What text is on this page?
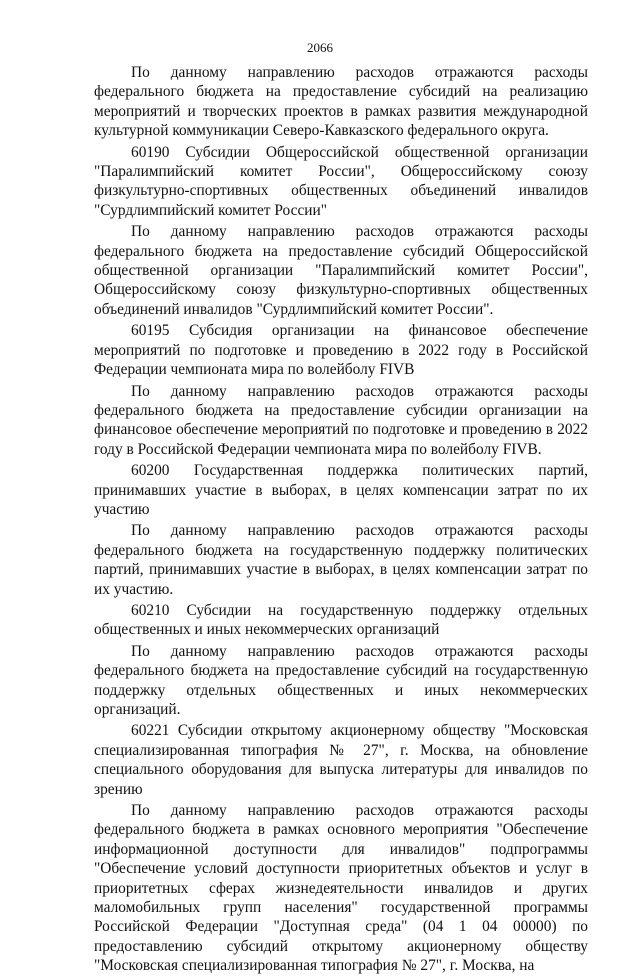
2066

По данному направлению расходов отражаются расходы федерального бюджета на предоставление субсидий на реализацию мероприятий и творческих проектов в рамках развития международной культурной коммуникации Северо-Кавказского федерального округа.

60190 Субсидии Общероссийской общественной организации "Паралимпийский комитет России", Общероссийскому союзу физкультурно-спортивных общественных объединений инвалидов "Сурдлимпийский комитет России"

По данному направлению расходов отражаются расходы федерального бюджета на предоставление субсидий Общероссийской общественной организации "Паралимпийский комитет России", Общероссийскому союзу физкультурно-спортивных общественных объединений инвалидов "Сурдлимпийский комитет России".

60195 Субсидия организации на финансовое обеспечение мероприятий по подготовке и проведению в 2022 году в Российской Федерации чемпионата мира по волейболу FIVB

По данному направлению расходов отражаются расходы федерального бюджета на предоставление субсидии организации на финансовое обеспечение мероприятий по подготовке и проведению в 2022 году в Российской Федерации чемпионата мира по волейболу FIVB.

60200 Государственная поддержка политических партий, принимавших участие в выборах, в целях компенсации затрат по их участию

По данному направлению расходов отражаются расходы федерального бюджета на государственную поддержку политических партий, принимавших участие в выборах, в целях компенсации затрат по их участию.

60210 Субсидии на государственную поддержку отдельных общественных и иных некоммерческих организаций

По данному направлению расходов отражаются расходы федерального бюджета на предоставление субсидий на государственную поддержку отдельных общественных и иных некоммерческих организаций.

60221 Субсидии открытому акционерному обществу "Московская специализированная типография № 27", г. Москва, на обновление специального оборудования для выпуска литературы для инвалидов по зрению

По данному направлению расходов отражаются расходы федерального бюджета в рамках основного мероприятия "Обеспечение информационной доступности для инвалидов" подпрограммы "Обеспечение условий доступности приоритетных объектов и услуг в приоритетных сферах жизнедеятельности инвалидов и других маломобильных групп населения" государственной программы Российской Федерации "Доступная среда" (04 1 04 00000) по предоставлению субсидий открытому акционерному обществу "Московская специализированная типография № 27", г. Москва, на
